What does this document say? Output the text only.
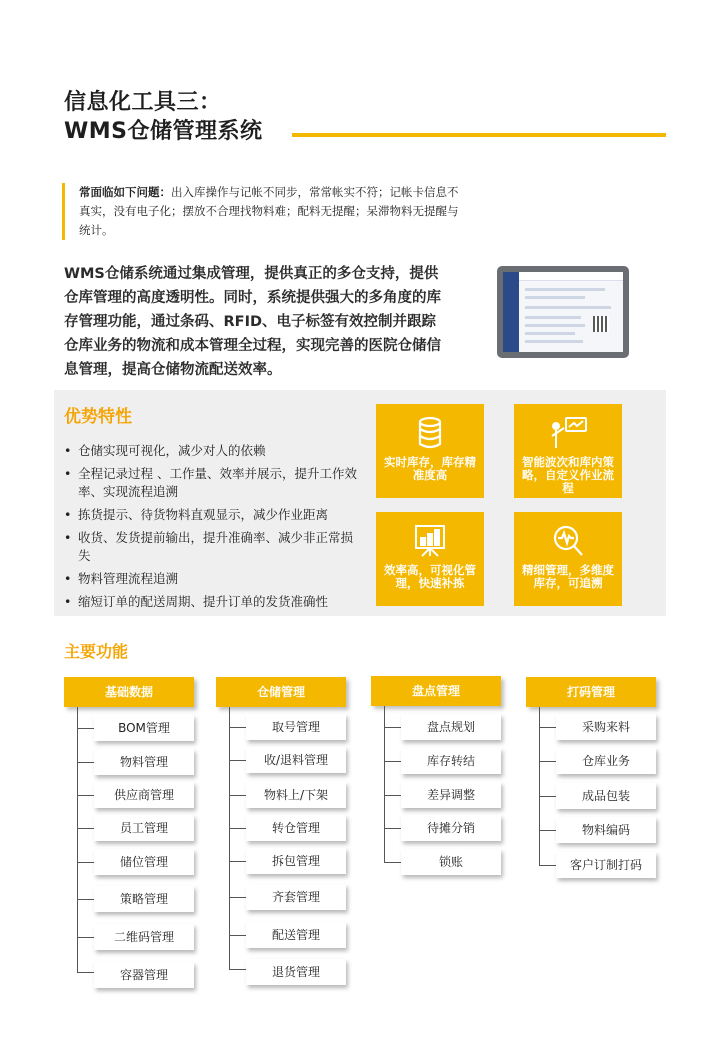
信息化工具三：
WMS仓储管理系统
常面临如下问题：出入库操作与记帐不同步，常常帐实不符；记帐卡信息不真实，没有电子化；摆放不合理找物料难；配料无提醒；呆滞物料无提醒与统计。
WMS仓储系统通过集成管理，提供真正的多仓支持，提供仓库管理的高度透明性。同时，系统提供强大的多角度的库存管理功能，通过条码、RFID、电子标签有效控制并跟踪仓库业务的物流和成本管理全过程，实现完善的医院仓储信息管理，提高仓储物流配送效率。
优势特性
• 仓储实现可视化，减少对人的依赖
• 全程记录过程 、工作量、效率并展示，提升工作效率、实现流程追溯
• 拣货提示、待货物料直观显示，减少作业距离
• 收货、发货提前输出，提升准确率、减少非正常损失
• 物料管理流程追溯
• 缩短订单的配送周期、提升订单的发货准确性
实时库存，库存精准度高
智能波次和库内策略，自定义作业流程
效率高，可视化管理，快速补拣
精细管理，多维度库存，可追溯
主要功能
基础数据
BOM管理
物料管理
供应商管理
员工管理
储位管理
策略管理
二维码管理
容器管理
仓储管理
取号管理
收/退料管理
物料上/下架
转仓管理
拆包管理
齐套管理
配送管理
退货管理
盘点管理
盘点规划
库存转结
差异调整
待摊分销
锁账
打码管理
采购来料
仓库业务
成品包装
物料编码
客户订制打码
